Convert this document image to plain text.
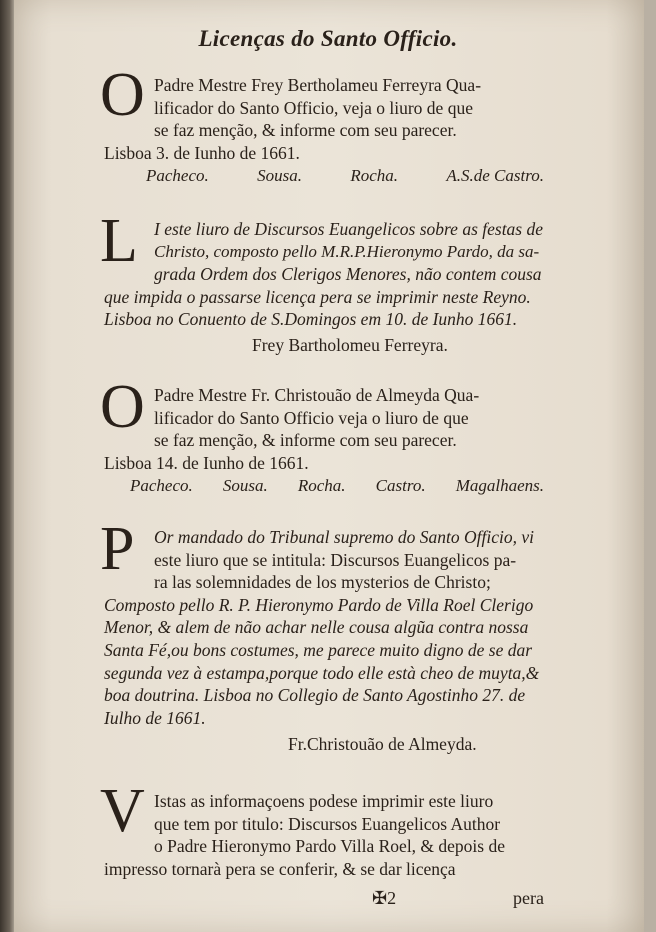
Licenças do Santo Officio.
O Padre Mestre Frey Bertholameu Ferreyra Qua-
lificador do Santo Officio, veja o liuro de que
se faz menção, & informe com seu parecer.
Lisboa 3. de Iunho de 1661.
Pacheco.	Sousa.	Rocha.	A.S.de Castro.
L I este liuro de Discursos Euangelicos sobre as festas de
Christo, composto pello M.R.P.Hieronymo Pardo, da sa-
grada Ordem dos Clerigos Menores, não contem cousa
que impida o passarse licença pera se imprimir neste Reyno.
Lisboa no Conuento de S.Domingos em 10. de Iunho 1661.
Frey Bartholomeu Ferreyra.
O Padre Mestre Fr. Christouão de Almeyda Qua-
lificador do Santo Officio veja o liuro de que
se faz menção, & informe com seu parecer.
Lisboa 14. de Iunho de 1661.
Pacheco. Sousa. Rocha. Castro. Magalhaens.
P	Or mandado do Tribunal supremo do Santo Officio, vi
este liuro que se intitula: Discursos Euangelicos pa-
ra las solemnidades de los mysterios de Christo;
Composto pello R. P. Hieronymo Pardo de Villa Roel Clerigo
Menor, & alem de não achar nelle cousa algũa contra nossa
Santa Fé,ou bons costumes, me parece muito digno de se dar
segunda vez à estampa,porque todo elle està cheo de muyta,&
boa doutrina. Lisboa no Collegio de Santo Agostinho 27. de
Iulho de 1661.
Fr.Christouão de Almeyda.
V Istas as informaçoens podese imprimir este liuro
que tem por titulo: Discursos Euangelicos Author
o Padre Hieronymo Pardo Villa Roel, & depois de
impresso tornarà pera se conferir, & se dar licença
✠2	pera
